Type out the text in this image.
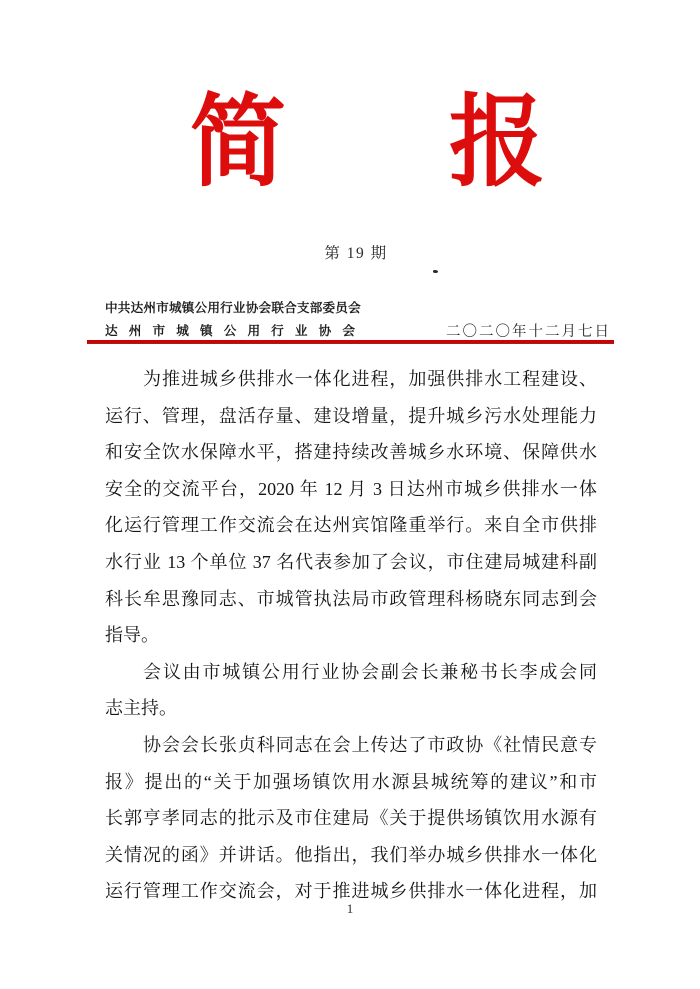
简 报
第 19 期
中共达州市城镇公用行业协会联合支部委员会
达州市城镇公用行业协会	二〇二〇年十二月七日
为推进城乡供排水一体化进程，加强供排水工程建设、
运行、管理，盘活存量、建设增量，提升城乡污水处理能力
和安全饮水保障水平，搭建持续改善城乡水环境、保障供水
安全的交流平台，2020 年 12 月 3 日达州市城乡供排水一体
化运行管理工作交流会在达州宾馆隆重举行。来自全市供排
水行业 13 个单位 37 名代表参加了会议，市住建局城建科副
科长牟思豫同志、市城管执法局市政管理科杨晓东同志到会
指导。
会议由市城镇公用行业协会副会长兼秘书长李成会同
志主持。
协会会长张贞科同志在会上传达了市政协《社情民意专
报》提出的“关于加强场镇饮用水源县城统筹的建议”和市
长郭亨孝同志的批示及市住建局《关于提供场镇饮用水源有
关情况的函》并讲话。他指出，我们举办城乡供排水一体化
运行管理工作交流会，对于推进城乡供排水一体化进程，加
1
